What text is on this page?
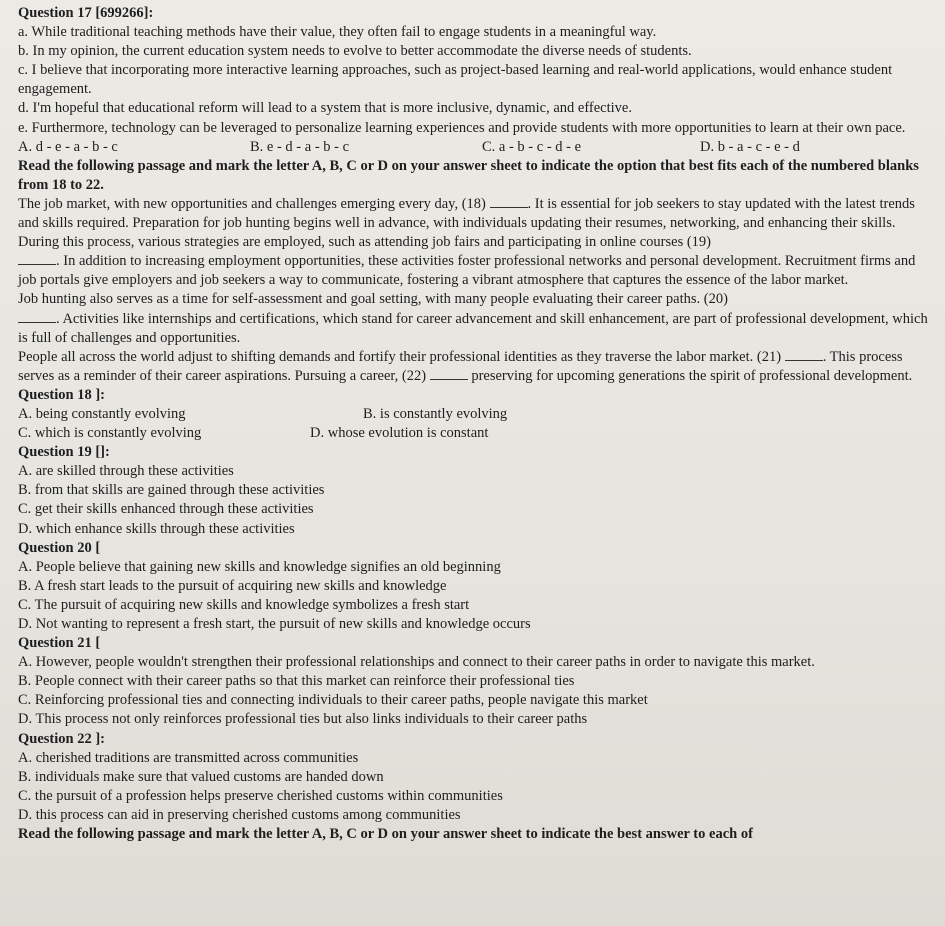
Question 17 [699266]:

a. While traditional teaching methods have their value, they often fail to engage students in a meaningful way.

b. In my opinion, the current education system needs to evolve to better accommodate the diverse needs of students.

c. I believe that incorporating more interactive learning approaches, such as project-based learning and real-world applications, would enhance student engagement.

d. I'm hopeful that educational reform will lead to a system that is more inclusive, dynamic, and effective.

e. Furthermore, technology can be leveraged to personalize learning experiences and provide students with more opportunities to learn at their own pace.

A. d - e - a - b - c	B. e - d - a - b - c	C. a - b - c - d - e	D. b - a - c - e - d

Read the following passage and mark the letter A, B, C or D on your answer sheet to indicate the option that best fits each of the numbered blanks from 18 to 22.

The job market, with new opportunities and challenges emerging every day, (18)	. It is essential for job seekers to stay updated with the latest trends and skills required. Preparation for job hunting begins well in advance, with individuals updating their resumes, networking, and enhancing their skills.

During this process, various strategies are employed, such as attending job fairs and participating in online courses (19)
. In addition to increasing employment opportunities, these activities foster professional networks and personal development. Recruitment firms and job portals give employers and job seekers a way to communicate, fostering a vibrant atmosphere that captures the essence of the labor market.

Job hunting also serves as a time for self-assessment and goal setting, with many people evaluating their career paths. (20)
. Activities like internships and certifications, which stand for career advancement and skill enhancement, are part of professional development, which is full of challenges and opportunities.

People all across the world adjust to shifting demands and fortify their professional identities as they traverse the labor market. (21)	. This process serves as a reminder of their career aspirations. Pursuing a career, (22)	preserving for upcoming generations the spirit of professional development.

Question 18 ]:

A. being constantly evolving	B. is constantly evolving

C. which is constantly evolving	D. whose evolution is constant

Question 19 []:

A. are skilled through these activities

B. from that skills are gained through these activities

C. get their skills enhanced through these activities

D. which enhance skills through these activities

Question 20 [

A. People believe that gaining new skills and knowledge signifies an old beginning

B. A fresh start leads to the pursuit of acquiring new skills and knowledge

C. The pursuit of acquiring new skills and knowledge symbolizes a fresh start

D. Not wanting to represent a fresh start, the pursuit of new skills and knowledge occurs

Question 21 [

A. However, people wouldn't strengthen their professional relationships and connect to their career paths in order to navigate this market.

B. People connect with their career paths so that this market can reinforce their professional ties

C. Reinforcing professional ties and connecting individuals to their career paths, people navigate this market

D. This process not only reinforces professional ties but also links individuals to their career paths

Question 22 ]:

A. cherished traditions are transmitted across communities

B. individuals make sure that valued customs are handed down

C. the pursuit of a profession helps preserve cherished customs within communities

D. this process can aid in preserving cherished customs among communities

Read the following passage and mark the letter A, B, C or D on your answer sheet to indicate the best answer to each of
